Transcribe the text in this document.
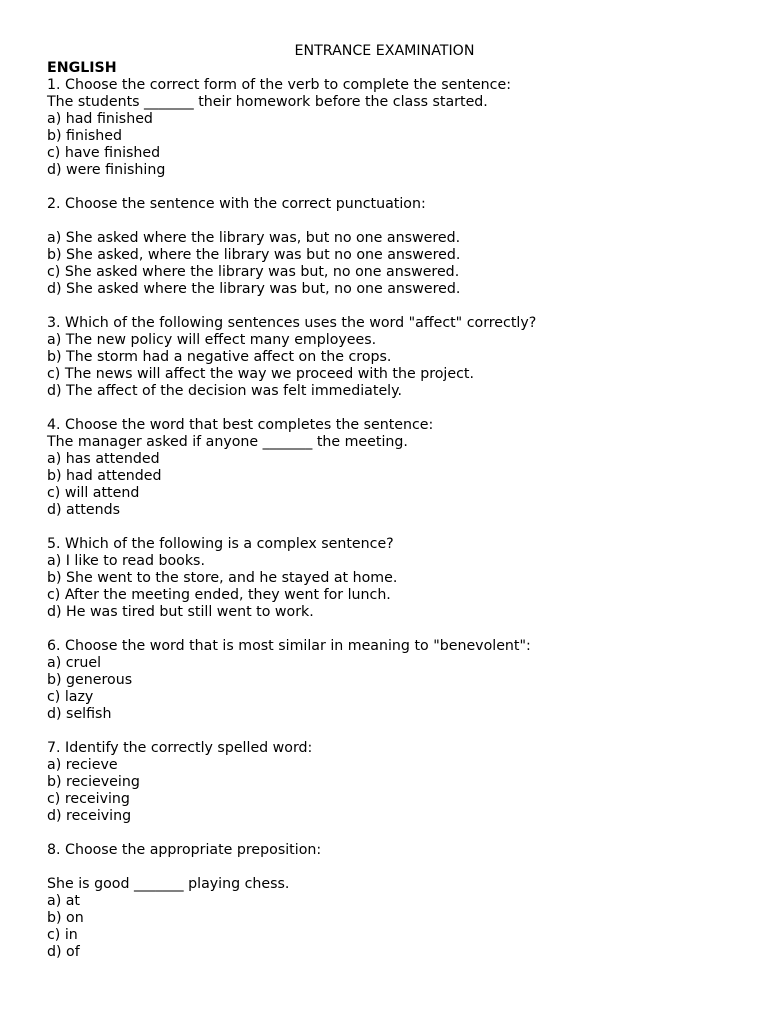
ENTRANCE EXAMINATION
ENGLISH
1. Choose the correct form of the verb to complete the sentence:
The students _______ their homework before the class started.
a) had finished
b) finished
c) have finished
d) were finishing
2. Choose the sentence with the correct punctuation:
a) She asked where the library was, but no one answered.
b) She asked, where the library was but no one answered.
c) She asked where the library was but, no one answered.
d) She asked where the library was but, no one answered.
3. Which of the following sentences uses the word "affect" correctly?
a) The new policy will effect many employees.
b) The storm had a negative affect on the crops.
c) The news will affect the way we proceed with the project.
d) The affect of the decision was felt immediately.
4. Choose the word that best completes the sentence:
The manager asked if anyone _______ the meeting.
a) has attended
b) had attended
c) will attend
d) attends
5. Which of the following is a complex sentence?
a) I like to read books.
b) She went to the store, and he stayed at home.
c) After the meeting ended, they went for lunch.
d) He was tired but still went to work.
6. Choose the word that is most similar in meaning to "benevolent":
a) cruel
b) generous
c) lazy
d) selfish
7. Identify the correctly spelled word:
a) recieve
b) recieveing
c) receiving
d) receiving
8. Choose the appropriate preposition:
She is good _______ playing chess.
a) at
b) on
c) in
d) of
